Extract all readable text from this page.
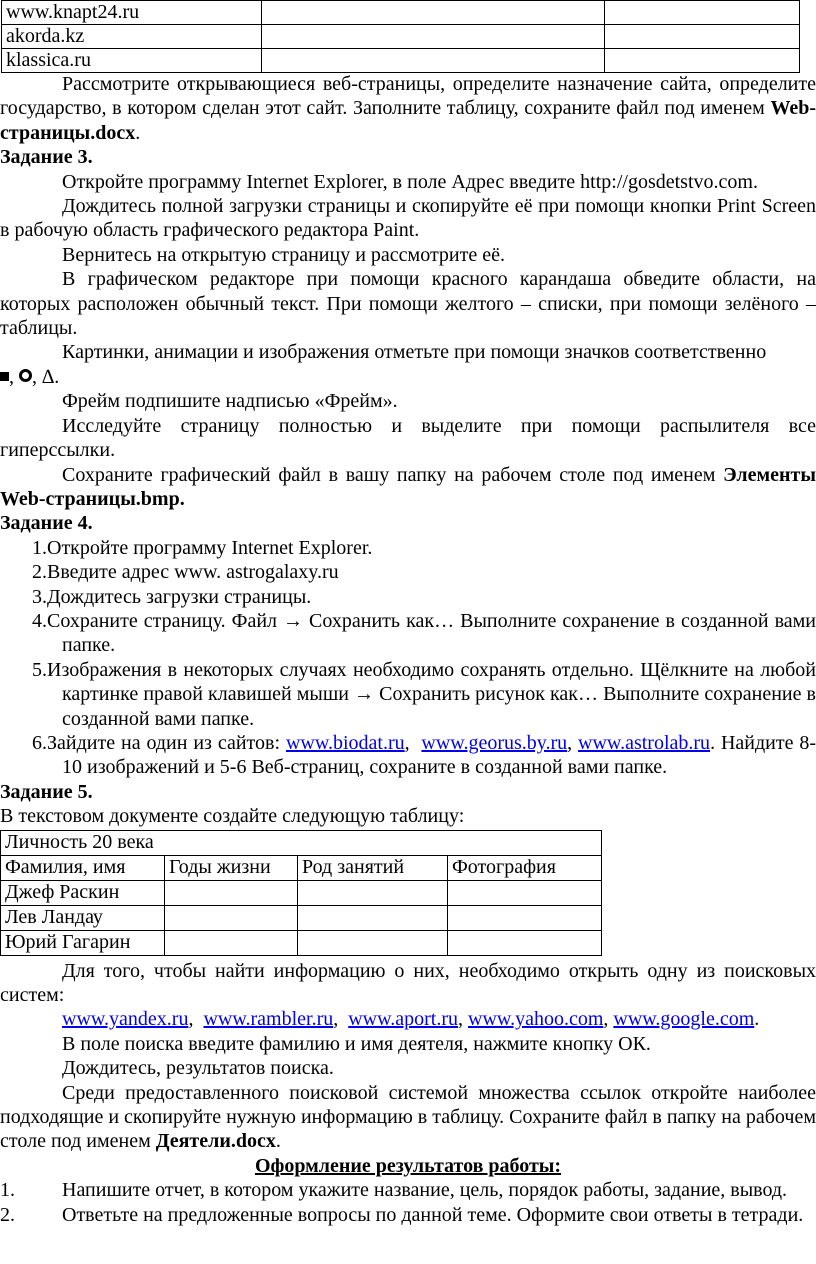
www.knapt24.ru		
akorda.kz		
klassica.ru		

Рассмотрите открывающиеся веб-страницы, определите назначение сайта, определите государство, в котором сделан этот сайт. Заполните таблицу, сохраните файл под именем Web-страницы.docx.

Задание 3.

Откройте программу Internet Explorer, в поле Адрес введите http://gosdetstvo.com.

Дождитесь полной загрузки страницы и скопируйте её при помощи кнопки Print Screen в рабочую область графического редактора Paint.

Вернитесь на открытую страницу и рассмотрите её.

В графическом редакторе при помощи красного карандаша обведите области, на которых расположен обычный текст. При помощи желтого – списки, при помощи зелёного – таблицы.

Картинки, анимации и изображения отметьте при помощи значков соответственно
, , ∆.

Фрейм подпишите надписью «Фрейм».

Исследуйте страницу полностью и выделите при помощи распылителя все гиперссылки.

Сохраните графический файл в вашу папку на рабочем столе под именем Элементы Web-страницы.bmp.

Задание 4.

1.Откройте программу Internet Explorer.

2.Введите адрес www. astrogalaxy.ru

3.Дождитесь загрузки страницы.

4.Сохраните страницу. Файл → Сохранить как… Выполните сохранение в созданной вами папке.

5.Изображения в некоторых случаях необходимо сохранять отдельно. Щёлкните на любой картинке правой клавишей мыши → Сохранить рисунок как… Выполните сохранение в созданной вами папке.

6.Зайдите на один из сайтов: www.biodat.ru,  www.georus.by.ru, www.astrolab.ru. Найдите 8-10 изображений и 5-6 Веб-страниц, сохраните в созданной вами папке.

Задание 5.

В текстовом документе создайте следующую таблицу:

Личность 20 века			
Фамилия, имя	Годы жизни	Род занятий	Фотография
Джеф Раскин			
Лев Ландау			
Юрий Гагарин			

Для того, чтобы найти информацию о них, необходимо открыть одну из поисковых систем:

www.yandex.ru,  www.rambler.ru,  www.aport.ru, www.yahoo.com, www.google.com.

В поле поиска введите фамилию и имя деятеля, нажмите кнопку ОК.

Дождитесь, результатов поиска.

Среди предоставленного поисковой системой множества ссылок откройте наиболее подходящие и скопируйте нужную информацию в таблицу. Сохраните файл в папку на рабочем столе под именем Деятели.docx.

Оформление результатов работы:

1. Напишите отчет, в котором укажите название, цель, порядок работы, задание, вывод.

2. Ответьте на предложенные вопросы по данной теме. Оформите свои ответы в тетради.
